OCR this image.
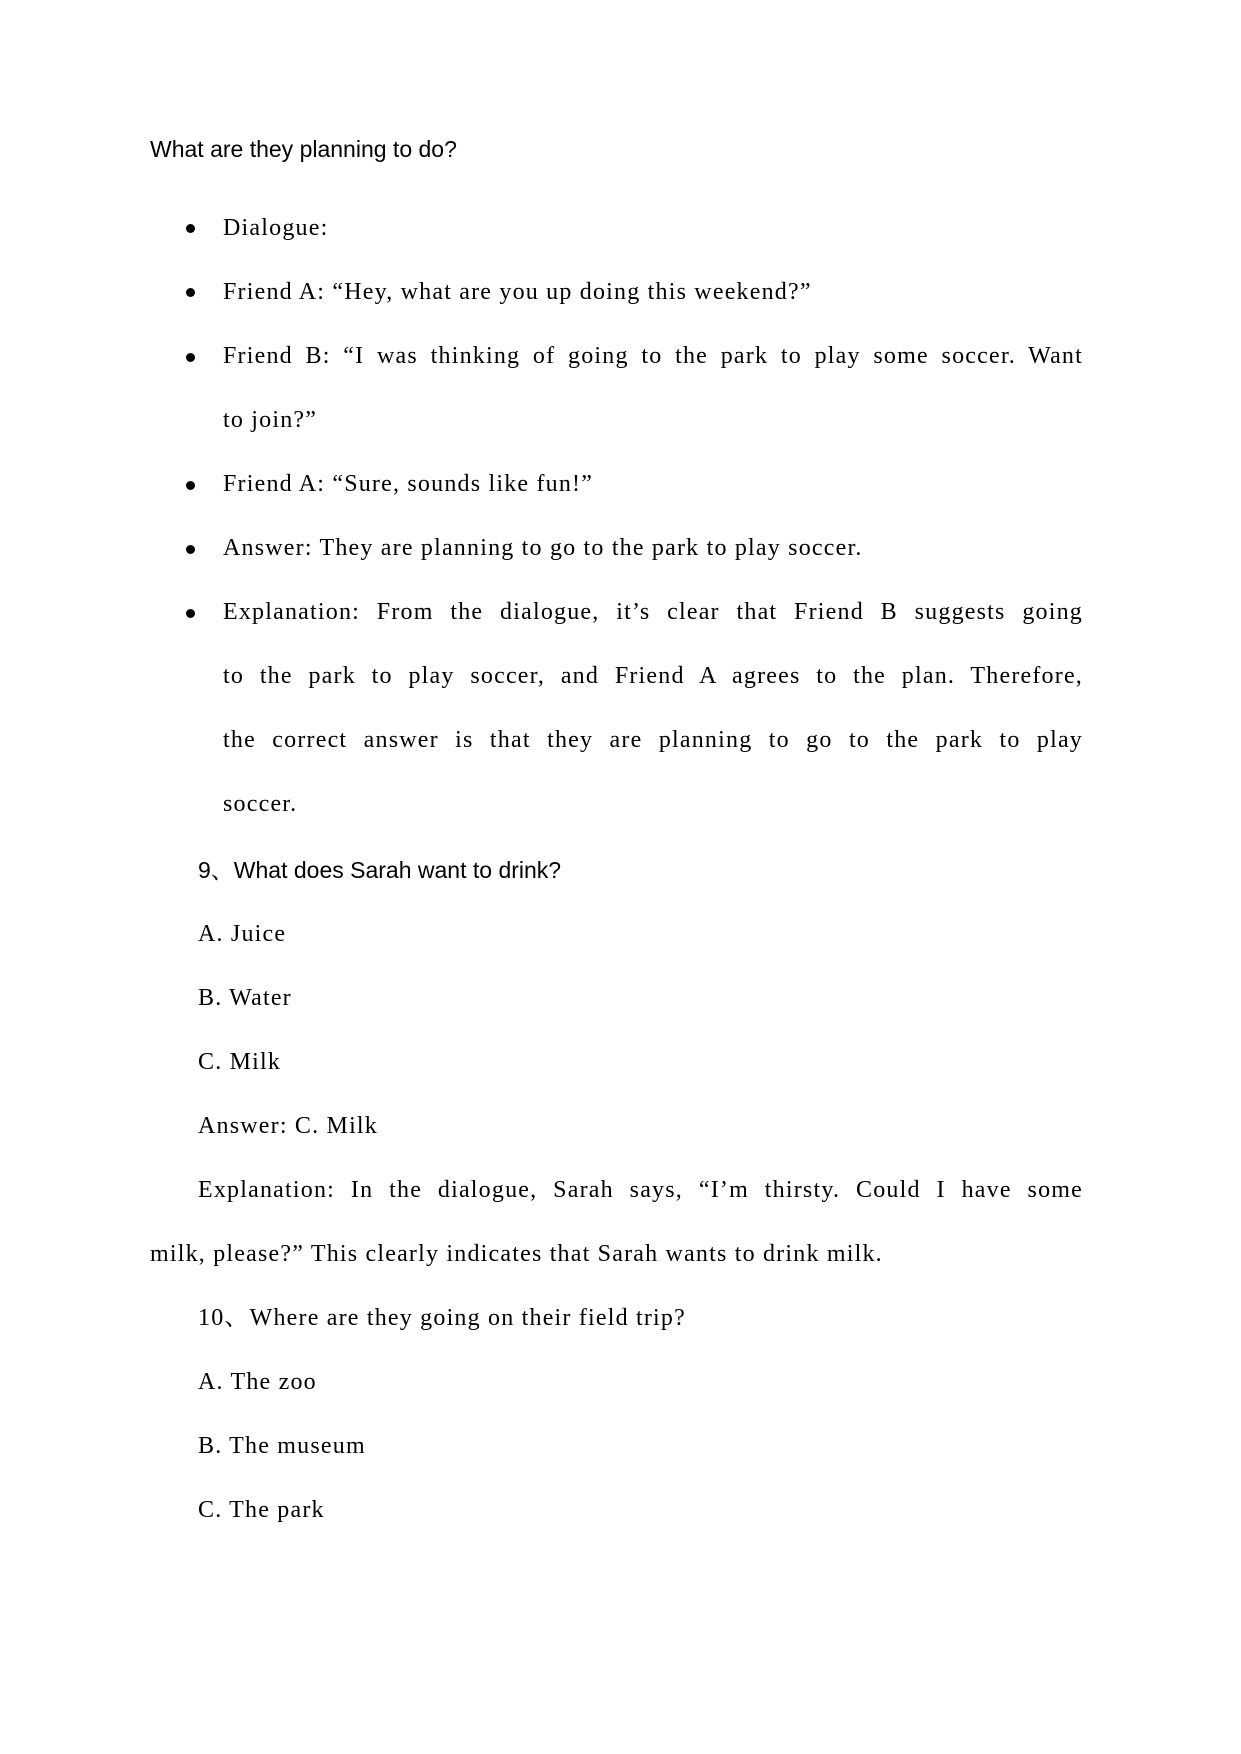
What are they planning to do?
Dialogue:
Friend A: “Hey, what are you up doing this weekend?”
Friend B: “I was thinking of going to the park to play some soccer. Want
to join?”
Friend A: “Sure, sounds like fun!”
Answer: They are planning to go to the park to play soccer.
Explanation: From the dialogue, it’s clear that Friend B suggests going
to the park to play soccer, and Friend A agrees to the plan. Therefore,
the correct answer is that they are planning to go to the park to play
soccer.
9、What does Sarah want to drink?
A. Juice
B. Water
C. Milk
Answer: C. Milk
Explanation: In the dialogue, Sarah says, “I’m thirsty. Could I have some
milk, please?” This clearly indicates that Sarah wants to drink milk.
10、Where are they going on their field trip?
A. The zoo
B. The museum
C. The park
